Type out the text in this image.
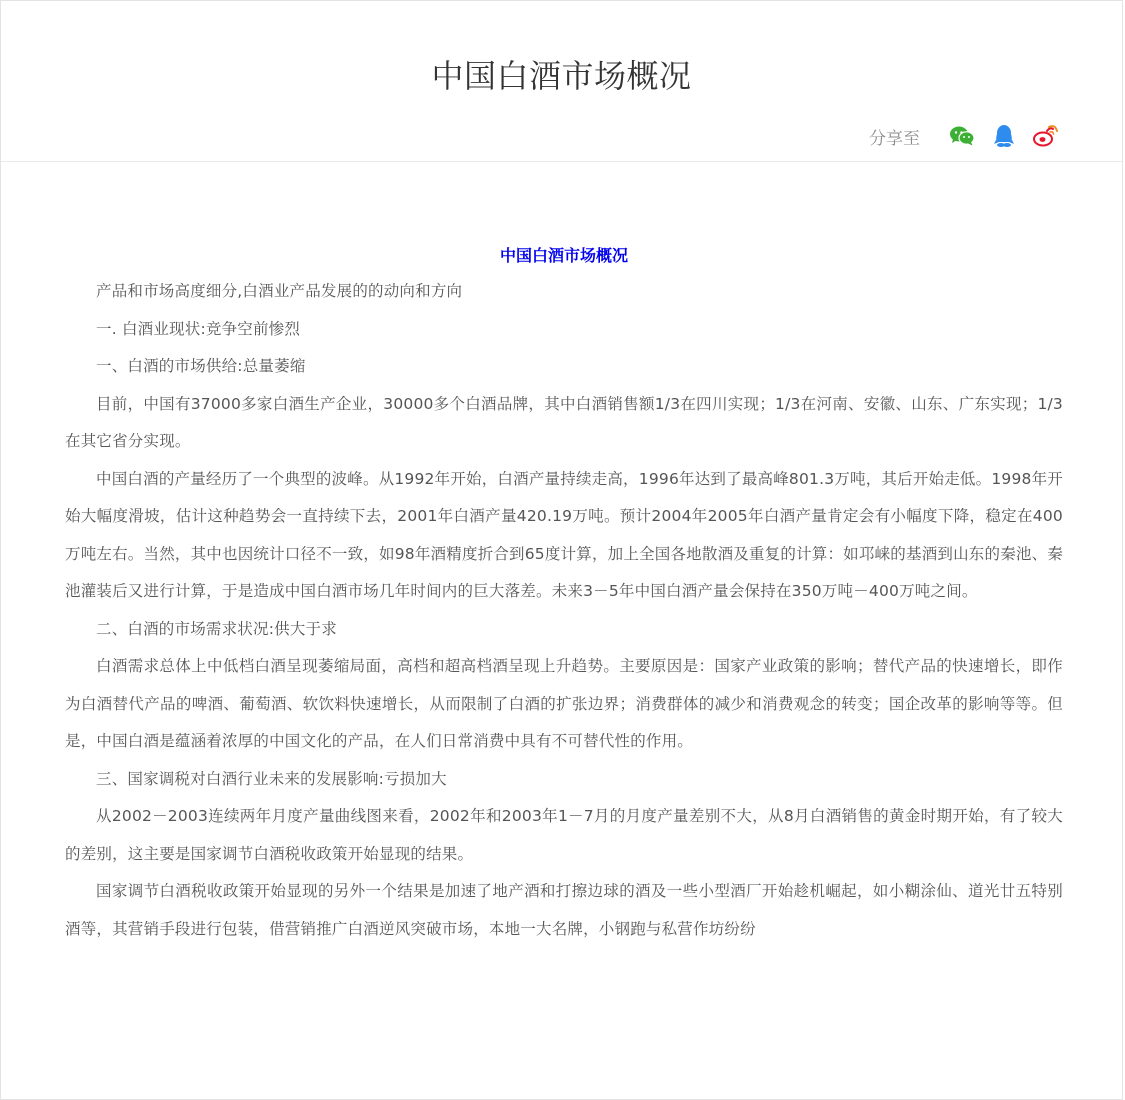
中国白酒市场概况
分享至
中国白酒市场概况

产品和市场高度细分,白酒业产品发展的的动向和方向

一. 白酒业现状:竞争空前惨烈

一、白酒的市场供给:总量萎缩

目前，中国有37000多家白酒生产企业，30000多个白酒品牌，其中白酒销售额1/3在四川实现；1/3在河南、安徽、山东、广东实现；1/3在其它省分实现。

中国白酒的产量经历了一个典型的波峰。从1992年开始，白酒产量持续走高，1996年达到了最高峰801.3万吨，其后开始走低。1998年开始大幅度滑坡，估计这种趋势会一直持续下去，2001年白酒产量420.19万吨。预计2004年2005年白酒产量肯定会有小幅度下降，稳定在400万吨左右。当然，其中也因统计口径不一致，如98年酒精度折合到65度计算，加上全国各地散酒及重复的计算：如邛崃的基酒到山东的秦池、秦池灌装后又进行计算，于是造成中国白酒市场几年时间内的巨大落差。未来3－5年中国白酒产量会保持在350万吨－400万吨之间。

二、白酒的市场需求状况:供大于求

白酒需求总体上中低档白酒呈现萎缩局面，高档和超高档酒呈现上升趋势。主要原因是：国家产业政策的影响；替代产品的快速增长，即作为白酒替代产品的啤酒、葡萄酒、软饮料快速增长，从而限制了白酒的扩张边界；消费群体的减少和消费观念的转变；国企改革的影响等等。但是，中国白酒是蕴涵着浓厚的中国文化的产品，在人们日常消费中具有不可替代性的作用。

三、国家调税对白酒行业未来的发展影响:亏损加大

从2002－2003连续两年月度产量曲线图来看，2002年和2003年1－7月的月度产量差别不大，从8月白酒销售的黄金时期开始，有了较大的差别，这主要是国家调节白酒税收政策开始显现的结果。

国家调节白酒税收政策开始显现的另外一个结果是加速了地产酒和打擦边球的酒及一些小型酒厂开始趁机崛起，如小糊涂仙、道光廿五特别酒等，其营销手段进行包装，借营销推广白酒逆风突破市场，本地一大名牌，小钢跑与私营作坊纷纷
